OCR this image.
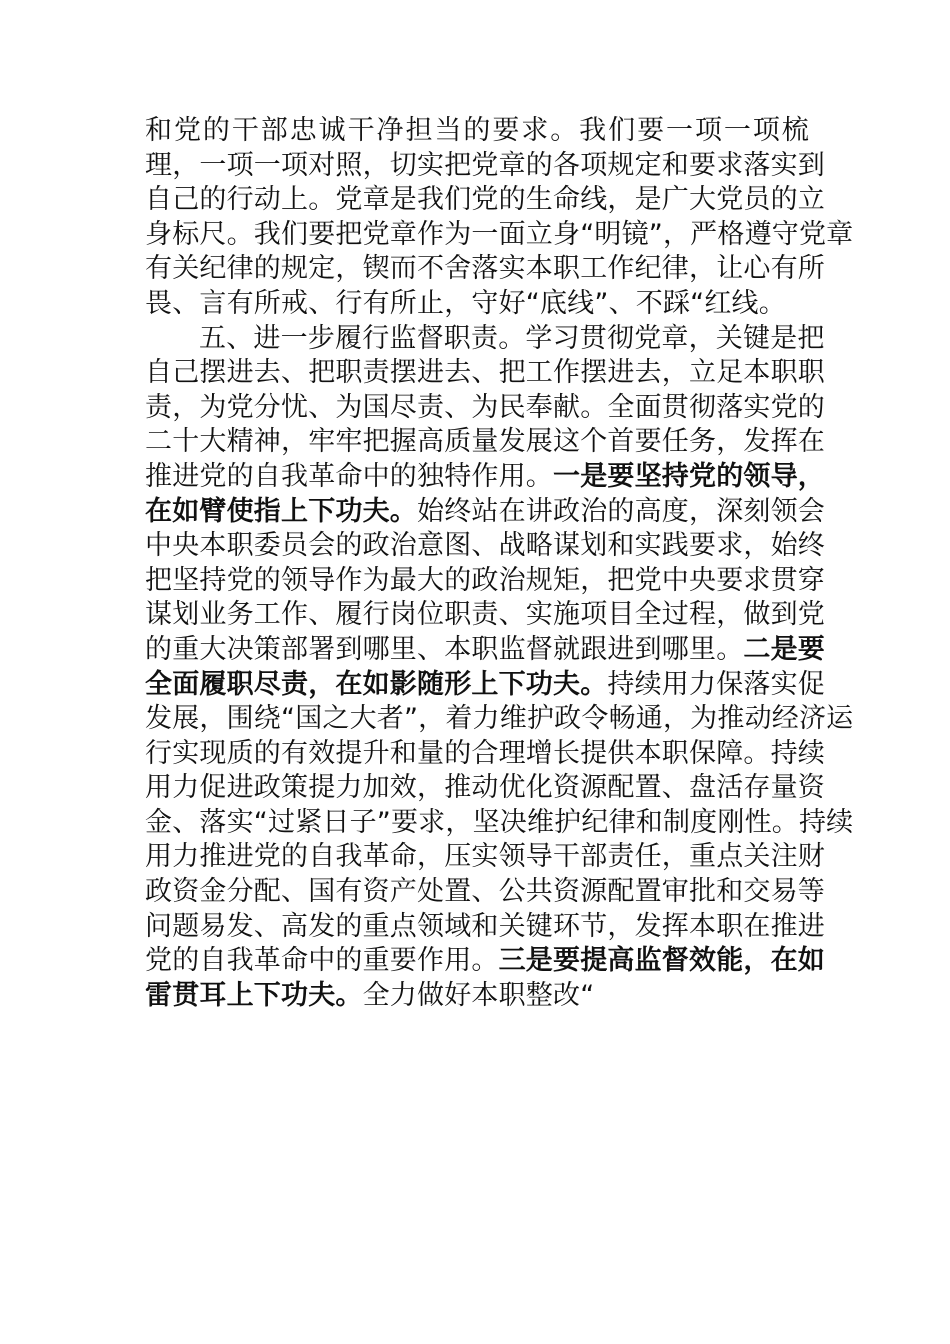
和党的干部忠诚干净担当的要求。我们要一项一项梳
理，一项一项对照，切实把党章的各项规定和要求落实到
自己的行动上。党章是我们党的生命线，是广大党员的立
身标尺。我们要把党章作为一面立身“明镜”，严格遵守党章
有关纪律的规定，锲而不舍落实本职工作纪律，让心有所
畏、言有所戒、行有所止，守好“底线”、不踩“红线。
五、进一步履行监督职责。学习贯彻党章，关键是把
自己摆进去、把职责摆进去、把工作摆进去，立足本职职
责，为党分忧、为国尽责、为民奉献。全面贯彻落实党的
二十大精神，牢牢把握高质量发展这个首要任务，发挥在
推进党的自我革命中的独特作用。一是要坚持党的领导，
在如臂使指上下功夫。始终站在讲政治的高度，深刻领会
中央本职委员会的政治意图、战略谋划和实践要求，始终
把坚持党的领导作为最大的政治规矩，把党中央要求贯穿
谋划业务工作、履行岗位职责、实施项目全过程，做到党
的重大决策部署到哪里、本职监督就跟进到哪里。二是要
全面履职尽责，在如影随形上下功夫。持续用力保落实促
发展，围绕“国之大者”，着力维护政令畅通，为推动经济运
行实现质的有效提升和量的合理增长提供本职保障。持续
用力促进政策提力加效，推动优化资源配置、盘活存量资
金、落实“过紧日子”要求，坚决维护纪律和制度刚性。持续
用力推进党的自我革命，压实领导干部责任，重点关注财
政资金分配、国有资产处置、公共资源配置审批和交易等
问题易发、高发的重点领域和关键环节，发挥本职在推进
党的自我革命中的重要作用。三是要提高监督效能，在如
雷贯耳上下功夫。全力做好本职整改“
